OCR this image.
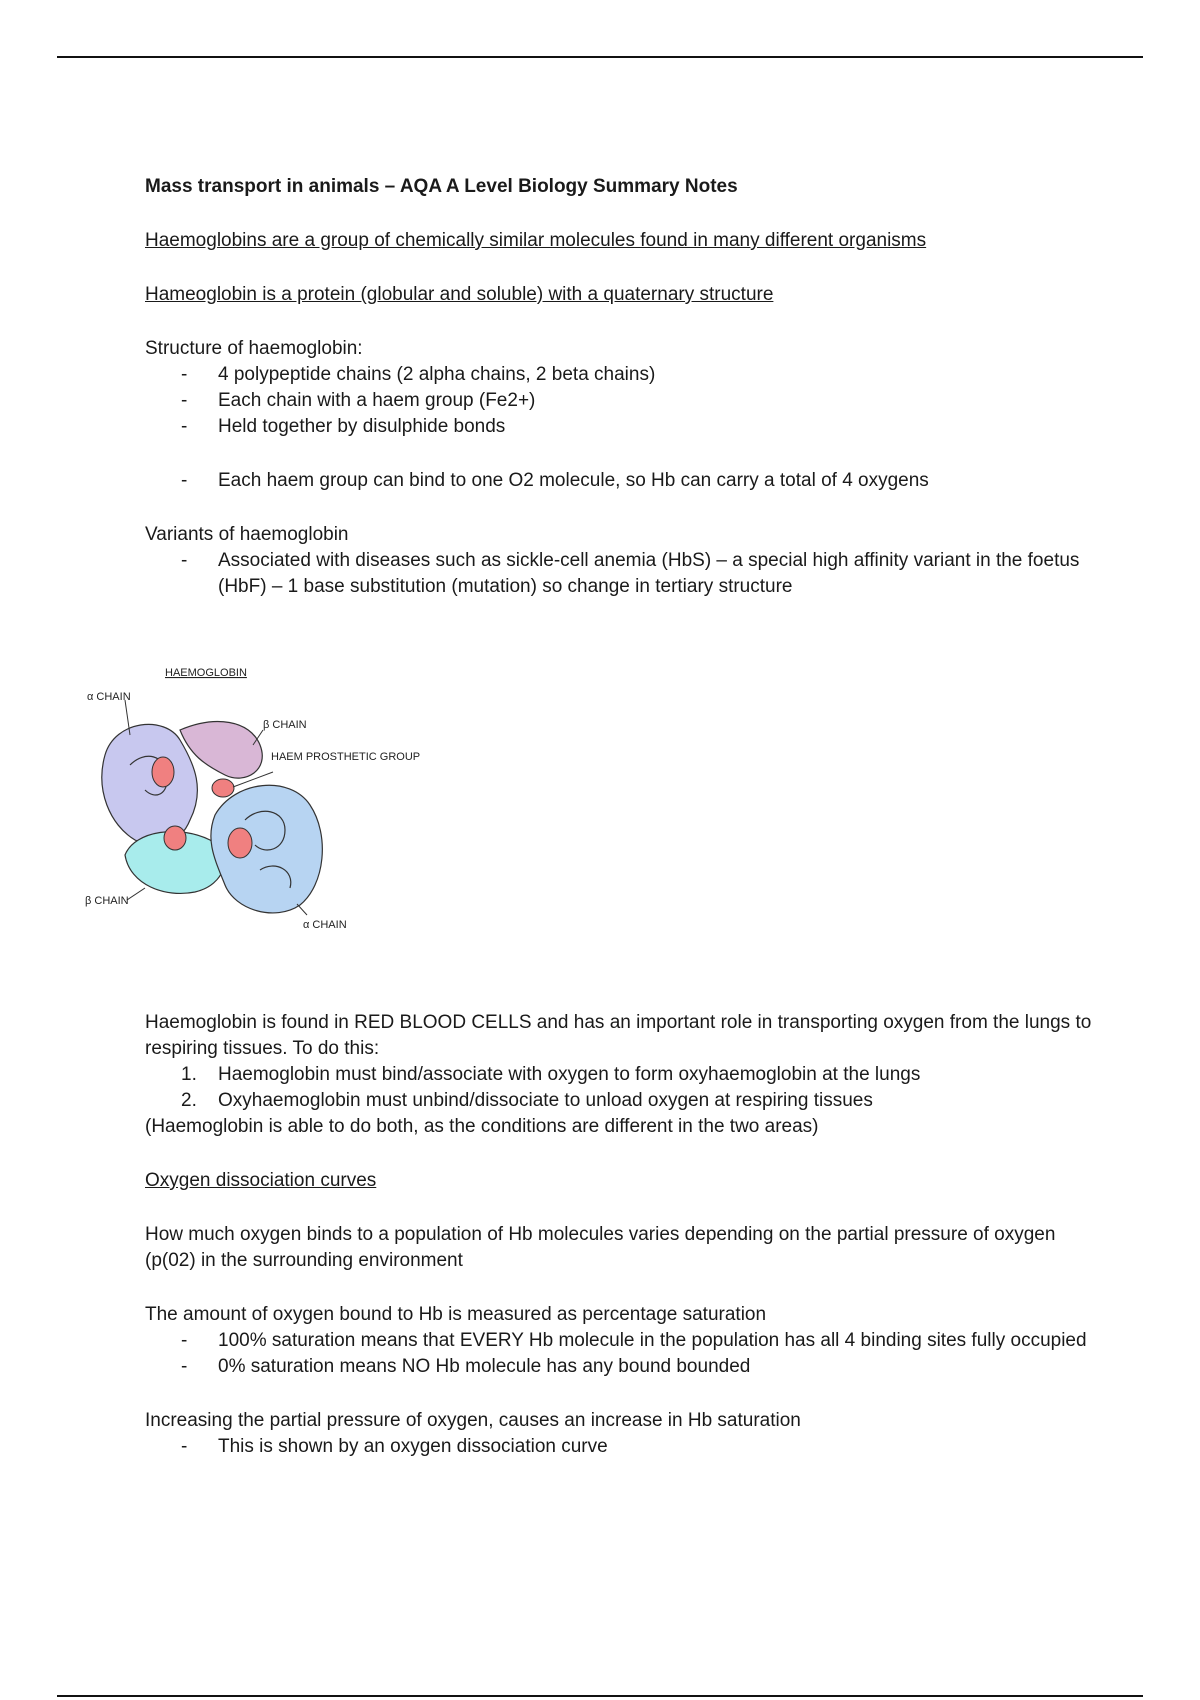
Mass transport in animals – AQA A Level Biology Summary Notes

Haemoglobins are a group of chemically similar molecules found in many different organisms

Hameoglobin is a protein (globular and soluble) with a quaternary structure

Structure of haemoglobin:

- 4 polypeptide chains (2 alpha chains, 2 beta chains)
- Each chain with a haem group (Fe2+)
- Held together by disulphide bonds
- Each haem group can bind to one O2 molecule, so Hb can carry a total of 4 oxygens

Variants of haemoglobin

- Associated with diseases such as sickle-cell anemia (HbS) – a special high affinity variant in the foetus (HbF) – 1 base substitution (mutation) so change in tertiary structure
HAEMOGLOBIN
α CHAIN
β CHAIN
HAEM PROSTHETIC GROUP
β CHAIN
α CHAIN

Haemoglobin is found in RED BLOOD CELLS and has an important role in transporting oxygen from the lungs to respiring tissues. To do this:

1. Haemoglobin must bind/associate with oxygen to form oxyhaemoglobin at the lungs
2. Oxyhaemoglobin must unbind/dissociate to unload oxygen at respiring tissues

(Haemoglobin is able to do both, as the conditions are different in the two areas)

Oxygen dissociation curves

How much oxygen binds to a population of Hb molecules varies depending on the partial pressure of oxygen (p(02) in the surrounding environment

The amount of oxygen bound to Hb is measured as percentage saturation

- 100% saturation means that EVERY Hb molecule in the population has all 4 binding sites fully occupied
- 0% saturation means NO Hb molecule has any bound bounded

Increasing the partial pressure of oxygen, causes an increase in Hb saturation

- This is shown by an oxygen dissociation curve
